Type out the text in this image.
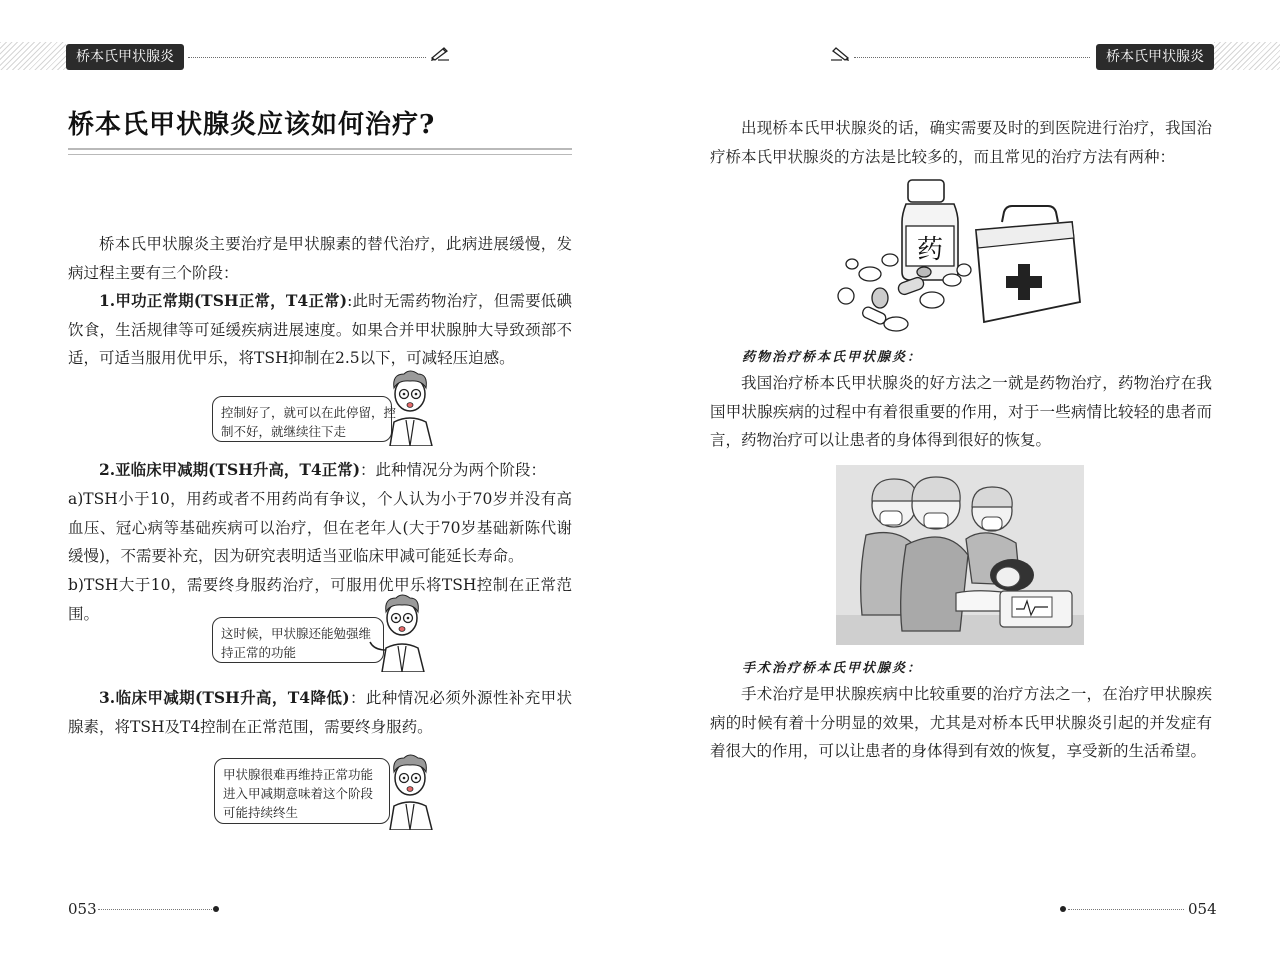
桥本氏甲状腺炎
桥本氏甲状腺炎应该如何治疗?

桥本氏甲状腺炎主要治疗是甲状腺素的替代治疗，此病进展缓慢，发病过程主要有三个阶段：

1.甲功正常期(TSH正常，T4正常):此时无需药物治疗，但需要低碘饮食，生活规律等可延缓疾病进展速度。如果合并甲状腺肿大导致颈部不适，可适当服用优甲乐，将TSH抑制在2.5以下，可减轻压迫感。

控制好了，就可以在此停留，控
制不好，就继续往下走

2.亚临床甲减期(TSH升高，T4正常)：此种情况分为两个阶段：

a)TSH小于10，用药或者不用药尚有争议，个人认为小于70岁并没有高血压、冠心病等基础疾病可以治疗，但在老年人(大于70岁基础新陈代谢缓慢)，不需要补充，因为研究表明适当亚临床甲减可能延长寿命。

b)TSH大于10，需要终身服药治疗，可服用优甲乐将TSH控制在正常范围。

这时候，甲状腺还能勉强维
持正常的功能

3.临床甲减期(TSH升高，T4降低)：此种情况必须外源性补充甲状腺素，将TSH及T4控制在正常范围，需要终身服药。

甲状腺很难再维持正常功能
进入甲减期意味着这个阶段
可能持续终生
053
桥本氏甲状腺炎

出现桥本氏甲状腺炎的话，确实需要及时的到医院进行治疗，我国治疗桥本氏甲状腺炎的方法是比较多的，而且常见的治疗方法有两种：

药
药物治疗桥本氏甲状腺炎：

我国治疗桥本氏甲状腺炎的好方法之一就是药物治疗，药物治疗在我国甲状腺疾病的过程中有着很重要的作用，对于一些病情比较轻的患者而言，药物治疗可以让患者的身体得到很好的恢复。

手术治疗桥本氏甲状腺炎：

手术治疗是甲状腺疾病中比较重要的治疗方法之一，在治疗甲状腺疾病的时候有着十分明显的效果，尤其是对桥本氏甲状腺炎引起的并发症有着很大的作用，可以让患者的身体得到有效的恢复，享受新的生活希望。

054
